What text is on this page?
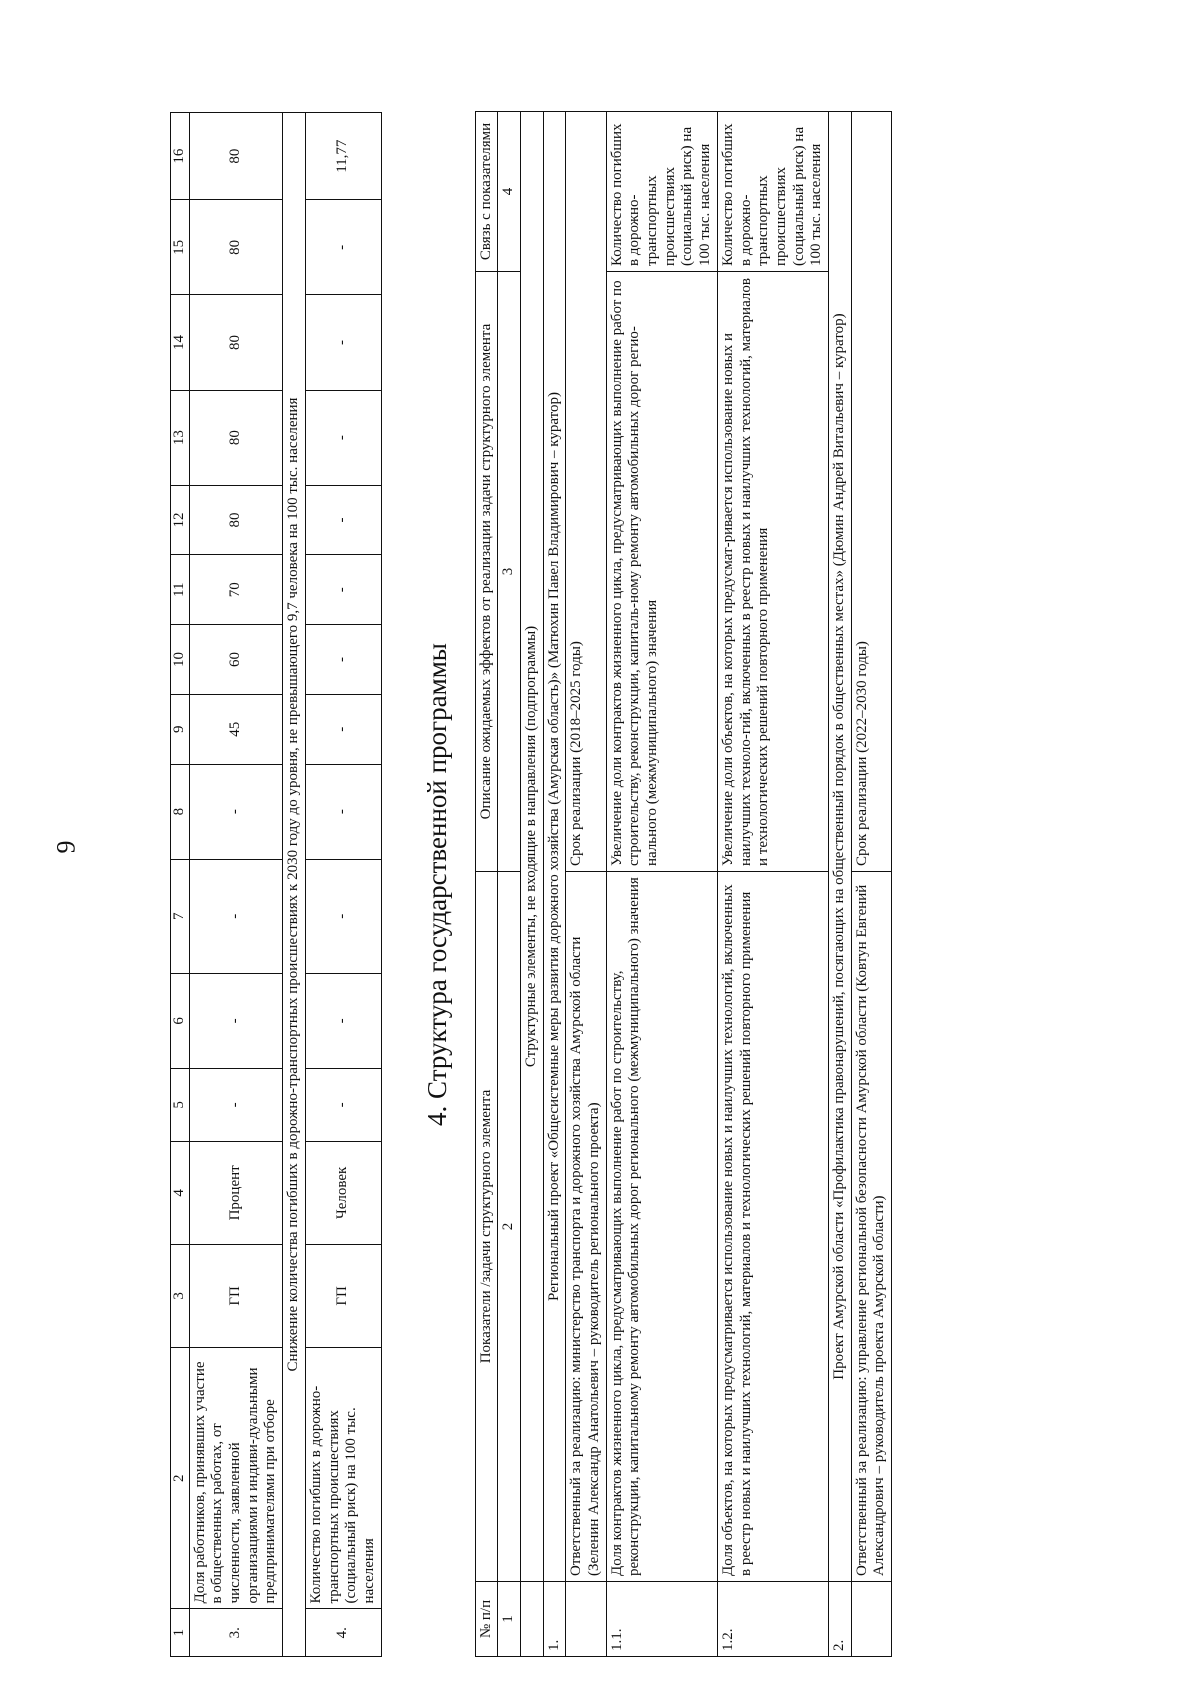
9
1	2	3	4	5	6	7	8	9	10	11	12	13	14	15	16
3.	Доля работников, принявших участие в общественных работах, от численности, заявленной организациями и индиви-дуальными предпринимателями при отборе	ГП	Процент	-	-	-	-	45	60	70	80	80	80	80	80
Снижение количества погибших в дорожно-транспортных происшествиях к 2030 году до уровня, не превышающего 9,7 человека на 100 тыс. населения															
4.	Количество погибших в дорожно-транспортных происшествиях (социальный риск) на 100 тыс. населения	ГП	Человек	-	-	-	-	-	-	-	-	-	-	-	11,77
4. Структура государственной программы
№ п/п	Показатели /задачи структурного элемента	Описание ожидаемых эффектов от реализации задачи структурного элемента	Связь с показателями
1	2	3	4
	Структурные элементы, не входящие в направления (подпрограммы)		
1.	Региональный проект «Общесистемные меры развития дорожного хозяйства (Амурская область)» (Матюхин Павел Владимирович – куратор)		
	Ответственный за реализацию: министерство транспорта и дорожного хозяйства Амурской области (Зеленин Александр Анатольевич – руководитель регионального проекта)	Срок реализации (2018–2025 годы)	
1.1.	Доля контрактов жизненного цикла, предусматривающих выполнение работ по строительству, реконструкции, капитальному ремонту автомобильных дорог регионального (межмуниципального) значения	Увеличение доли контрактов жизненного цикла, предусматривающих выполнение работ по строительству, реконструкции, капиталь-ному ремонту автомобильных дорог регио- нального (межмуниципального) значения	Количество погибших в дорожно-транспортных происшествиях (социальный риск) на 100 тыс. населения
1.2.	Доля объектов, на которых предусматривается использование новых и наилучших технологий, включенных в реестр новых и наилучших технологий, материалов и технологических решений повторного применения	Увеличение доли объектов, на которых предусмат-ривается использование новых и наилучших техноло-гий, включенных в реестр новых и наилучших технологий, материалов и технологических решений повторного применения	Количество погибших в дорожно-транспортных происшествиях (социальный риск) на 100 тыс. населения
2.	Проект Амурской области «Профилактика правонарушений, посягающих на общественный порядок в общественных местах» (Дюмин Андрей Витальевич – куратор)		
	Ответственный за реализацию: управление региональной безопасности Амурской области (Ковтун Евгений Александрович – руководитель проекта Амурской области)	Срок реализации (2022–2030 годы)	
